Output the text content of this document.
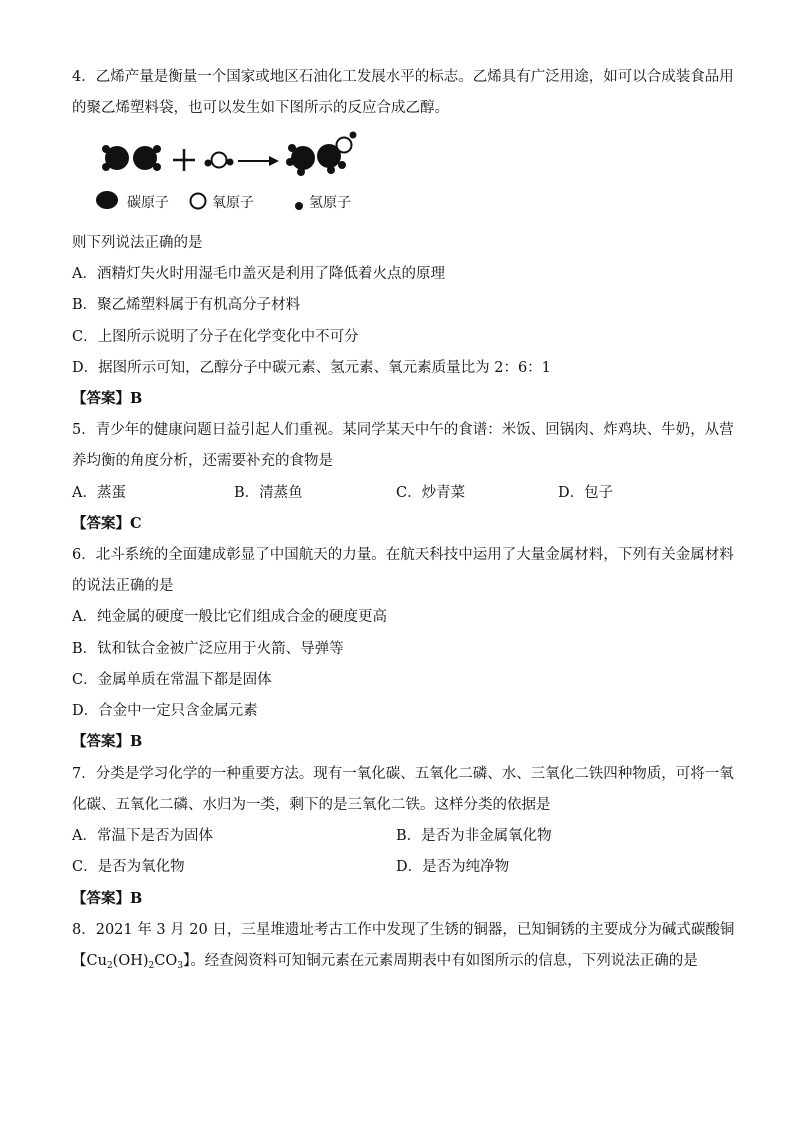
4．乙烯产量是衡量一个国家或地区石油化工发展水平的标志。乙烯具有广泛用途，如可以合成装食品用
的聚乙烯塑料袋，也可以发生如下图所示的反应合成乙醇。
碳原子	氧原子	氢原子
则下列说法正确的是
A．酒精灯失火时用湿毛巾盖灭是利用了降低着火点的原理
B．聚乙烯塑料属于有机高分子材料
C．上图所示说明了分子在化学变化中不可分
D．据图所示可知，乙醇分子中碳元素、氢元素、氧元素质量比为 2：6：1
【答案】B
5．青少年的健康问题日益引起人们重视。某同学某天中午的食谱：米饭、回锅肉、炸鸡块、牛奶，从营
养均衡的角度分析，还需要补充的食物是
A．蒸蛋	B．清蒸鱼	C．炒青菜	D．包子
【答案】C
6．北斗系统的全面建成彰显了中国航天的力量。在航天科技中运用了大量金属材料，下列有关金属材料
的说法正确的是
A．纯金属的硬度一般比它们组成合金的硬度更高
B．钛和钛合金被广泛应用于火箭、导弹等
C．金属单质在常温下都是固体
D．合金中一定只含金属元素
【答案】B
7．分类是学习化学的一种重要方法。现有一氧化碳、五氧化二磷、水、三氧化二铁四种物质，可将一氧
化碳、五氧化二磷、水归为一类，剩下的是三氧化二铁。这样分类的依据是
A．常温下是否为固体	B．是否为非金属氧化物
C．是否为氧化物	D．是否为纯净物
【答案】B
8．2021 年 3 月 20 日，三星堆遗址考古工作中发现了生锈的铜器，已知铜锈的主要成分为碱式碳酸铜
【$Cu_2(OH)_2CO_3$】。经查阅资料可知铜元素在元素周期表中有如图所示的信息，下列说法正确的是
